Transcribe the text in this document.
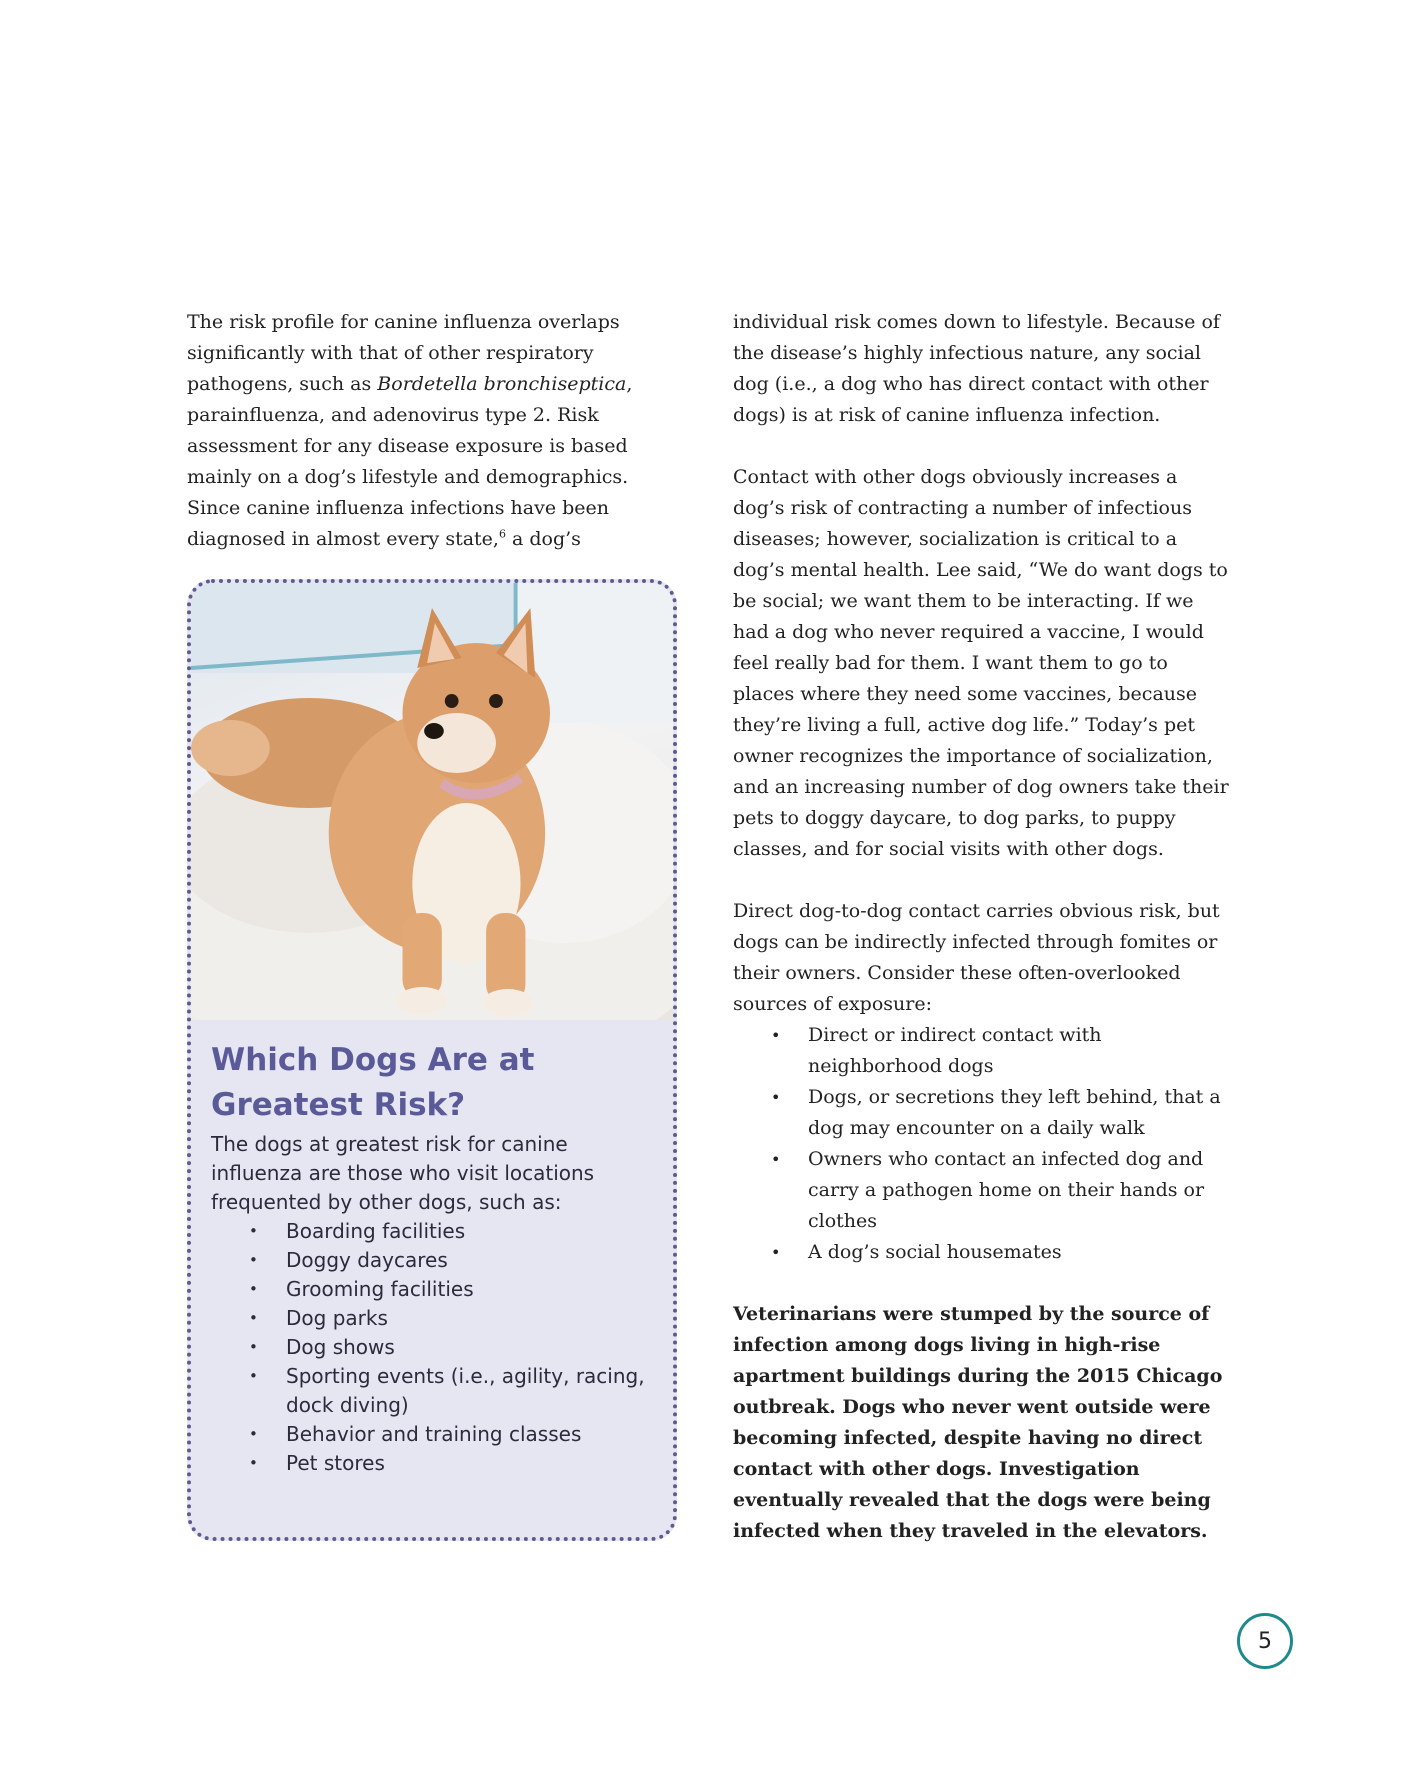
The risk profile for canine influenza overlaps significantly with that of other respiratory pathogens, such as Bordetella bronchiseptica, parainfluenza, and adenovirus type 2. Risk assessment for any disease exposure is based mainly on a dog’s lifestyle and demographics. Since canine influenza infections have been diagnosed in almost every state,$^6$ a dog’s

Which Dogs Are at Greatest Risk?

The dogs at greatest risk for canine influenza are those who visit locations frequented by other dogs, such as:

• Boarding facilities
• Doggy daycares
• Grooming facilities
• Dog parks
• Dog shows
• Sporting events (i.e., agility, racing, dock diving)
• Behavior and training classes
• Pet stores

individual risk comes down to lifestyle. Because of the disease’s highly infectious nature, any social dog (i.e., a dog who has direct contact with other dogs) is at risk of canine influenza infection.

Contact with other dogs obviously increases a dog’s risk of contracting a number of infectious diseases; however, socialization is critical to a dog’s mental health. Lee said, “We do want dogs to be social; we want them to be interacting. If we had a dog who never required a vaccine, I would feel really bad for them. I want them to go to places where they need some vaccines, because they’re living a full, active dog life.” Today’s pet owner recognizes the importance of socialization, and an increasing number of dog owners take their pets to doggy daycare, to dog parks, to puppy classes, and for social visits with other dogs.

Direct dog-to-dog contact carries obvious risk, but dogs can be indirectly infected through fomites or their owners. Consider these often-overlooked sources of exposure:

• Direct or indirect contact with neighborhood dogs
• Dogs, or secretions they left behind, that a dog may encounter on a daily walk
• Owners who contact an infected dog and carry a pathogen home on their hands or clothes
• A dog’s social housemates

Veterinarians were stumped by the source of infection among dogs living in high-rise apartment buildings during the 2015 Chicago outbreak. Dogs who never went outside were becoming infected, despite having no direct contact with other dogs. Investigation eventually revealed that the dogs were being infected when they traveled in the elevators.

5
